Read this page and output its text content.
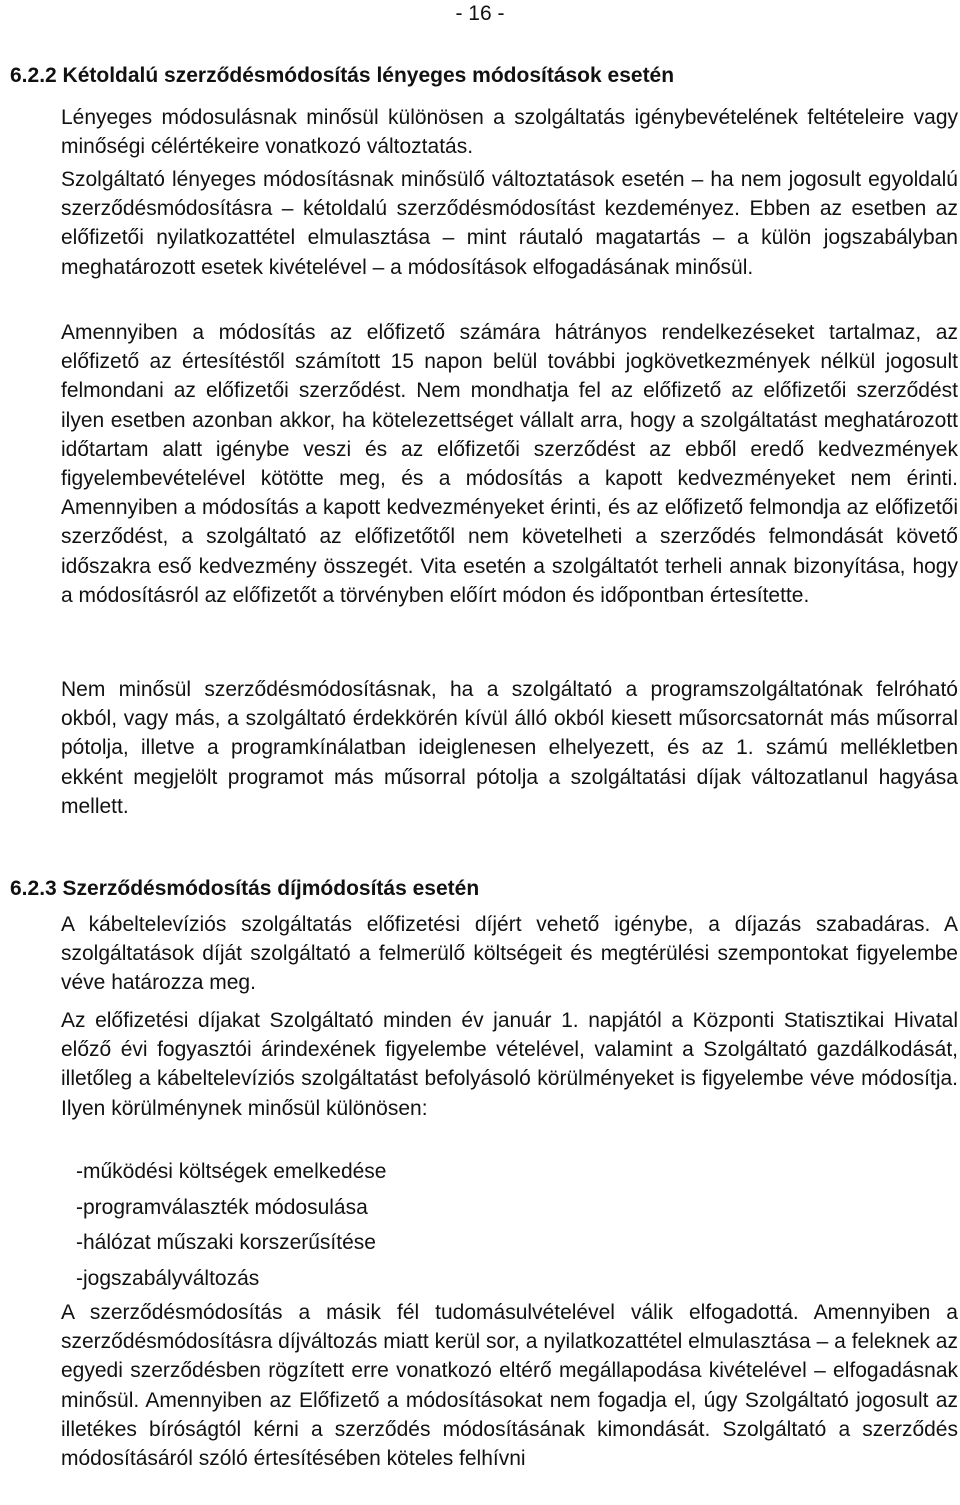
- 16 -
6.2.2 Kétoldalú szerződésmódosítás lényeges módosítások esetén
Lényeges módosulásnak minősül különösen a szolgáltatás igénybevételének feltételeire vagy minőségi célértékeire vonatkozó változtatás.
Szolgáltató lényeges módosításnak minősülő változtatások esetén – ha nem jogosult egyoldalú szerződésmódosításra – kétoldalú szerződésmódosítást kezdeményez. Ebben az esetben az előfizetői nyilatkozattétel elmulasztása – mint ráutaló magatartás – a külön jogszabályban meghatározott esetek kivételével – a módosítások elfogadásának minősül.
Amennyiben a módosítás az előfizető számára hátrányos rendelkezéseket tartalmaz, az előfizető az értesítéstől számított 15 napon belül további jogkövetkezmények nélkül jogosult felmondani az előfizetői szerződést. Nem mondhatja fel az előfizető az előfizetői szerződést ilyen esetben azonban akkor, ha kötelezettséget vállalt arra, hogy a szolgáltatást meghatározott időtartam alatt igénybe veszi és az előfizetői szerződést az ebből eredő kedvezmények figyelembevételével kötötte meg, és a módosítás a kapott kedvezményeket nem érinti. Amennyiben a módosítás a kapott kedvezményeket érinti, és az előfizető felmondja az előfizetői szerződést, a szolgáltató az előfizetőtől nem követelheti a szerződés felmondását követő időszakra eső kedvezmény összegét. Vita esetén a szolgáltatót terheli annak bizonyítása, hogy a módosításról az előfizetőt a törvényben előírt módon és időpontban értesítette.
Nem minősül szerződésmódosításnak, ha a szolgáltató a programszolgáltatónak felróható okból, vagy más, a szolgáltató érdekkörén kívül álló okból kiesett műsorcsatornát más műsorral pótolja, illetve a programkínálatban ideiglenesen elhelyezett, és az 1. számú mellékletben ekként megjelölt programot más műsorral pótolja a szolgáltatási díjak változatlanul hagyása mellett.
6.2.3 Szerződésmódosítás díjmódosítás esetén
A kábeltelevíziós szolgáltatás előfizetési díjért vehető igénybe, a díjazás szabadáras. A szolgáltatások díját szolgáltató a felmerülő költségeit és megtérülési szempontokat figyelembe véve határozza meg.
Az előfizetési díjakat Szolgáltató minden év január 1. napjától a Központi Statisztikai Hivatal előző évi fogyasztói árindexének figyelembe vételével, valamint a Szolgáltató gazdálkodását, illetőleg a kábeltelevíziós szolgáltatást befolyásoló körülményeket is figyelembe véve módosítja. Ilyen körülménynek minősül különösen:
-működési költségek emelkedése
-programválaszték módosulása
-hálózat műszaki korszerűsítése
-jogszabályváltozás
A szerződésmódosítás a másik fél tudomásulvételével válik elfogadottá. Amennyiben a szerződésmódosításra díjváltozás miatt kerül sor, a nyilatkozattétel elmulasztása – a feleknek az egyedi szerződésben rögzített erre vonatkozó eltérő megállapodása kivételével – elfogadásnak minősül. Amennyiben az Előfizető a módosításokat nem fogadja el, úgy Szolgáltató jogosult az illetékes bíróságtól kérni a szerződés módosításának kimondását. Szolgáltató a szerződés módosításáról szóló értesítésében köteles felhívni
